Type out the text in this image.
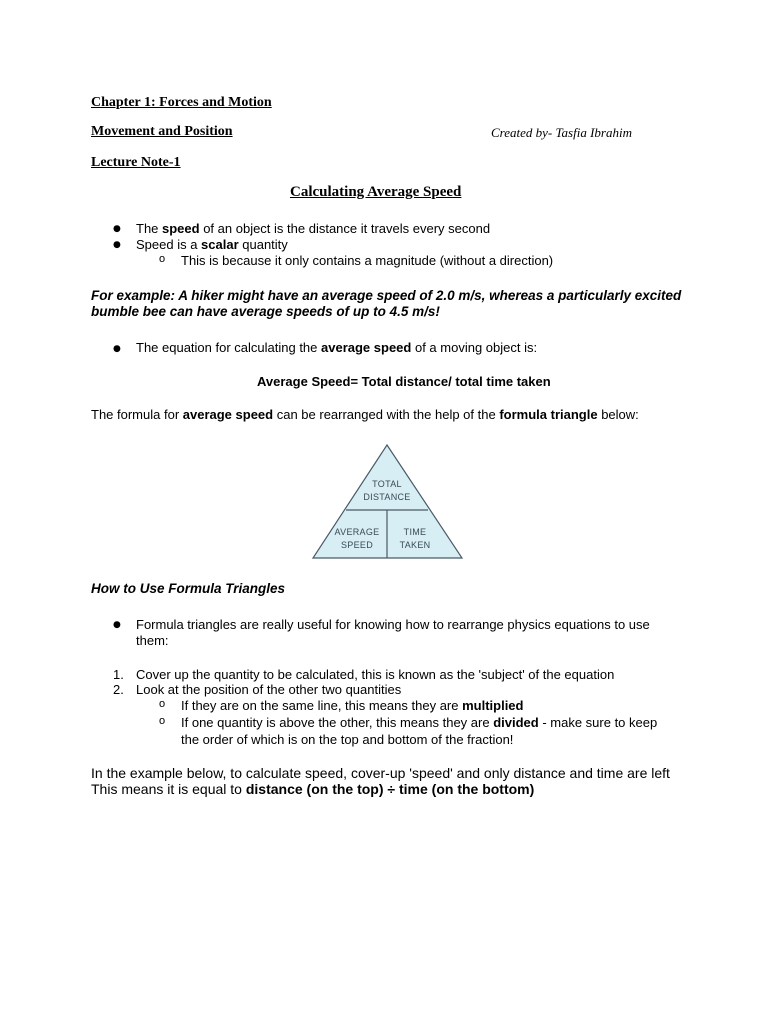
Chapter 1: Forces and Motion
Movement and Position	Created by- Tasfia Ibrahim
Lecture Note-1
Calculating Average Speed
● The speed of an object is the distance it travels every second
● Speed is a scalar quantity
o This is because it only contains a magnitude (without a direction)
For example: A hiker might have an average speed of 2.0 m/s, whereas a particularly excited
bumble bee can have average speeds of up to 4.5 m/s!
● The equation for calculating the average speed of a moving object is:
Average Speed= Total distance/ total time taken
The formula for average speed can be rearranged with the help of the formula triangle below:
TOTAL
DISTANCE
AVERAGE
SPEED
TIME
TAKEN
How to Use Formula Triangles
● Formula triangles are really useful for knowing how to rearrange physics equations to use
them:
1. Cover up the quantity to be calculated, this is known as the 'subject' of the equation
2. Look at the position of the other two quantities
o If they are on the same line, this means they are multiplied
o If one quantity is above the other, this means they are divided - make sure to keep
the order of which is on the top and bottom of the fraction!
In the example below, to calculate speed, cover-up 'speed' and only distance and time are left
This means it is equal to distance (on the top) ÷ time (on the bottom)
